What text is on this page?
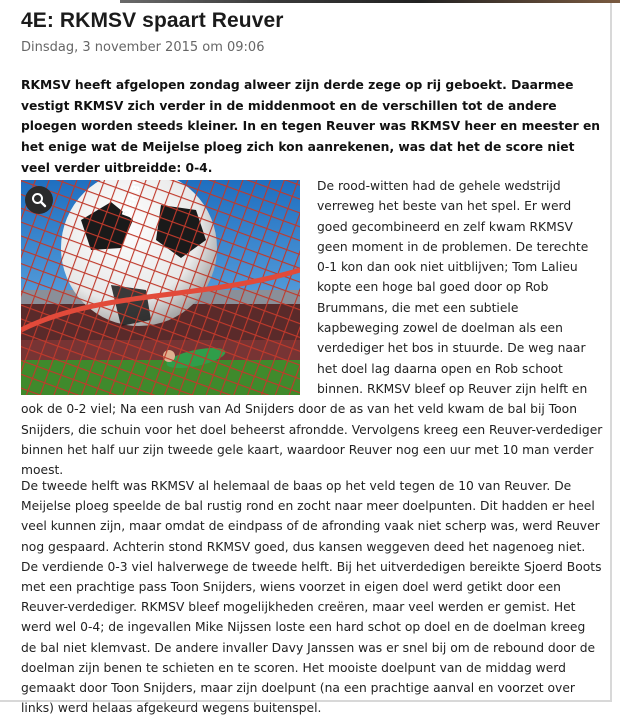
4E: RKMSV spaart Reuver
Dinsdag, 3 november 2015 om 09:06

RKMSV heeft afgelopen zondag alweer zijn derde zege op rij geboekt. Daarmee vestigt RKMSV zich verder in de middenmoot en de verschillen tot de andere ploegen worden steeds kleiner. In en tegen Reuver was RKMSV heer en meester en het enige wat de Meijelse ploeg zich kon aanrekenen, was dat het de score niet veel verder uitbreidde: 0-4.

De rood-witten had de gehele wedstrijd verreweg het beste van het spel. Er werd goed gecombineerd en zelf kwam RKMSV geen moment in de problemen. De terechte 0-1 kon dan ook niet uitblijven; Tom Lalieu kopte een hoge bal goed door op Rob Brummans, die met een subtiele kapbeweging zowel de doelman als een verdediger het bos in stuurde. De weg naar het doel lag daarna open en Rob schoot binnen. RKMSV bleef op Reuver zijn helft en ook de 0-2 viel; Na een rush van Ad Snijders door de as van het veld kwam de bal bij Toon Snijders, die schuin voor het doel beheerst afrondde. Vervolgens kreeg een Reuver-verdediger binnen het half uur zijn tweede gele kaart, waardoor Reuver nog een uur met 10 man verder moest.

De tweede helft was RKMSV al helemaal de baas op het veld tegen de 10 van Reuver. De Meijelse ploeg speelde de bal rustig rond en zocht naar meer doelpunten. Dit hadden er heel veel kunnen zijn, maar omdat de eindpass of de afronding vaak niet scherp was, werd Reuver nog gespaard. Achterin stond RKMSV goed, dus kansen weggeven deed het nagenoeg niet. De verdiende 0-3 viel halverwege de tweede helft. Bij het uitverdedigen bereikte Sjoerd Boots met een prachtige pass Toon Snijders, wiens voorzet in eigen doel werd getikt door een Reuver-verdediger. RKMSV bleef mogelijkheden creëren, maar veel werden er gemist. Het werd wel 0-4; de ingevallen Mike Nijssen loste een hard schot op doel en de doelman kreeg de bal niet klemvast. De andere invaller Davy Janssen was er snel bij om de rebound door de doelman zijn benen te schieten en te scoren. Het mooiste doelpunt van de middag werd gemaakt door Toon Snijders, maar zijn doelpunt (na een prachtige aanval en voorzet over links) werd helaas afgekeurd wegens buitenspel.
